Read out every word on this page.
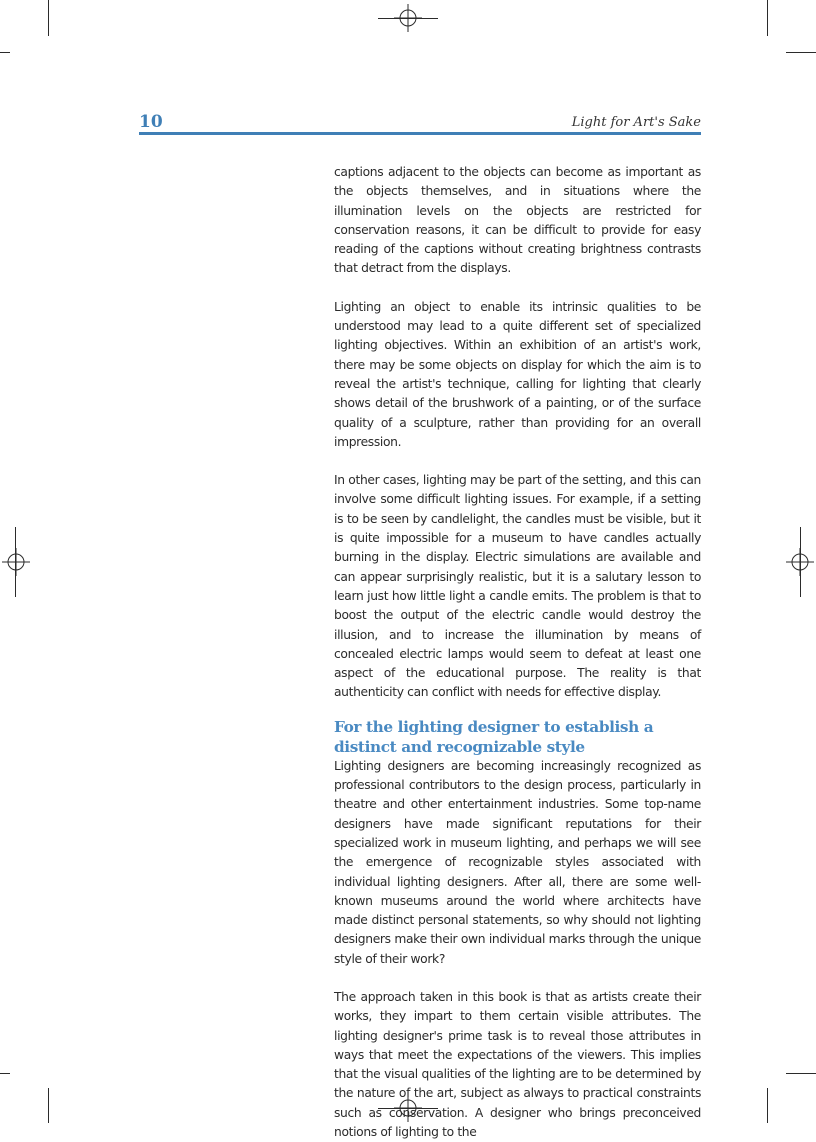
10	Light for Art's Sake

captions adjacent to the objects can become as important as the objects themselves, and in situations where the illumination levels on the objects are restricted for conservation reasons, it can be difficult to provide for easy reading of the captions without creating brightness contrasts that detract from the displays.

Lighting an object to enable its intrinsic qualities to be understood may lead to a quite different set of specialized lighting objectives. Within an exhibition of an artist's work, there may be some objects on display for which the aim is to reveal the artist's technique, calling for lighting that clearly shows detail of the brushwork of a painting, or of the surface quality of a sculpture, rather than providing for an overall impression.

In other cases, lighting may be part of the setting, and this can involve some difficult lighting issues. For example, if a setting is to be seen by candlelight, the candles must be visible, but it is quite impossible for a museum to have candles actually burning in the display. Electric simulations are available and can appear surprisingly realistic, but it is a salutary lesson to learn just how little light a candle emits. The problem is that to boost the output of the electric candle would destroy the illusion, and to increase the illumination by means of concealed electric lamps would seem to defeat at least one aspect of the educational purpose. The reality is that authenticity can conflict with needs for effective display.

For the lighting designer to establish a distinct and recognizable style

Lighting designers are becoming increasingly recognized as professional contributors to the design process, particularly in theatre and other entertainment industries. Some top-name designers have made significant reputations for their specialized work in museum lighting, and perhaps we will see the emergence of recognizable styles associated with individual lighting designers. After all, there are some well-known museums around the world where architects have made distinct personal statements, so why should not lighting designers make their own individual marks through the unique style of their work?

The approach taken in this book is that as artists create their works, they impart to them certain visible attributes. The lighting designer's prime task is to reveal those attributes in ways that meet the expectations of the viewers. This implies that the visual qualities of the lighting are to be determined by the nature of the art, subject as always to practical constraints such as conservation. A designer who brings preconceived notions of lighting to the
